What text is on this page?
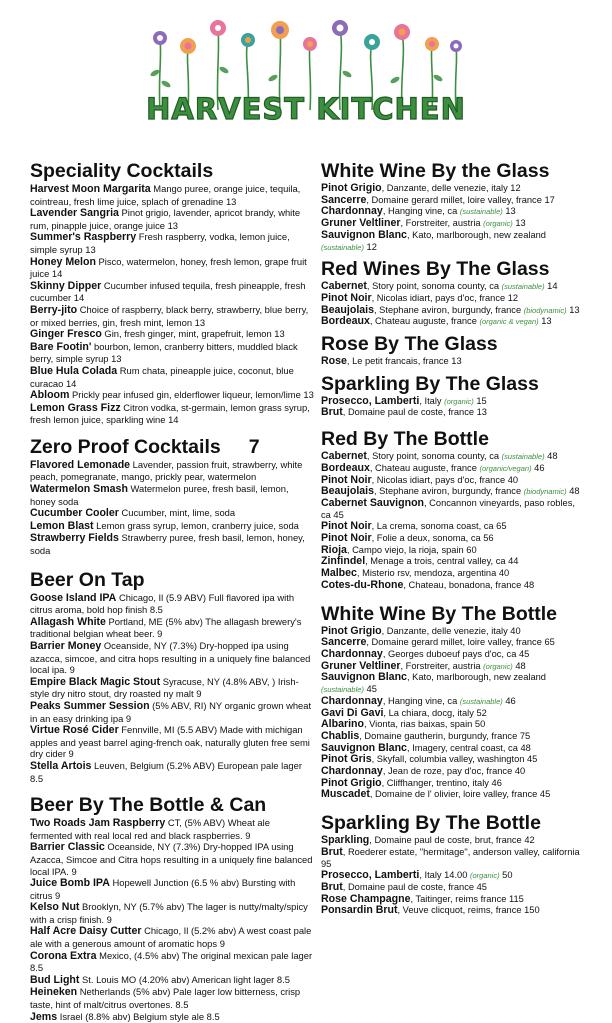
HARVEST KITCHEN
Speciality Cocktails
Harvest Moon Margarita Mango puree, orange juice, tequila, cointreau, fresh lime juice, splach of grenadine 13
Lavender Sangria Pinot grigio, lavender, apricot brandy, white rum, pinapple juice, orange juice 13
Summer's Raspberry Fresh raspberry, vodka, lemon juice, simple syrup 13
Honey Melon Pisco, watermelon, honey, fresh lemon, grape fruit juice 14
Skinny Dipper Cucumber infused tequila, fresh pineapple, fresh cucumber 14
Berry-jito Choice of raspberry, black berry, strawberry, blue berry, or mixed berries, gin, fresh mint, lemon 13
Ginger Fresco Gin, fresh ginger, mint, grapefruit, lemon 13
Bare Footin' bourbon, lemon, cranberry bitters, muddled black berry, simple syrup 13
Blue Hula Colada Rum chata, pineapple juice, coconut, blue curacao 14
Abloom Prickly pear infused gin, elderflower liqueur, lemon/lime 13
Lemon Grass Fizz Citron vodka, st-germain, lemon grass syrup, fresh lemon juice, sparkling wine 14
Zero Proof Cocktails 7
Flavored Lemonade Lavender, passion fruit, strawberry, white peach, pomegranate, mango, prickly pear, watermelon
Watermelon Smash Watermelon puree, fresh basil, lemon, honey soda
Cucumber Cooler Cucumber, mint, lime, soda
Lemon Blast Lemon grass syrup, lemon, cranberry juice, soda
Strawberry Fields Strawberry puree, fresh basil, lemon, honey, soda
Beer On Tap
Goose Island IPA Chicago, Il (5.9 ABV) Full flavored ipa with citrus aroma, bold hop finish 8.5
Allagash White Portland, ME (5% abv) The allagash brewery's traditional belgian wheat beer. 9
Barrier Money Oceanside, NY (7.3%) Dry-hopped ipa using azacca, simcoe, and citra hops resulting in a uniquely fine balanced local ipa. 9
Empire Black Magic Stout Syracuse, NY (4.8% ABV, ) Irish-style dry nitro stout, dry roasted ny malt 9
Peaks Summer Session (5% ABV, RI) NY organic grown wheat in an easy drinking ipa 9
Virtue Rosé Cider Fennville, MI (5.5 ABV) Made with michigan apples and yeast barrel aging-french oak, naturally gluten free semi dry cider 9
Stella Artois Leuven, Belgium (5.2% ABV) European pale lager 8.5
Beer By The Bottle & Can
Two Roads Jam Raspberry CT, (5% ABV) Wheat ale fermented with real local red and black raspberries. 9
Barrier Classic Oceanside, NY (7.3%) Dry-hopped IPA using Azacca, Simcoe and Citra hops resulting in a uniquely fine balanced local IPA. 9
Juice Bomb IPA Hopewell Junction (6.5 % abv) Bursting with citrus 9
Kelso Nut Brooklyn, NY (5.7% abv) The lager is nutty/malty/spicy with a crisp finish. 9
Half Acre Daisy Cutter Chicago, Il (5.2% abv) A west coast pale ale with a generous amount of aromatic hops 9
Corona Extra Mexico, (4.5% abv) The original mexican pale lager 8.5
Bud Light St. Louis MO (4.20% abv) American light lager 8.5
Heineken Netherlands (5% abv) Pale lager low bitterness, crisp taste, hint of malt/citrus overtones. 8.5
Jems Israel (8.8% abv) Belgium style ale 8.5
White Wine By the Glass
Pinot Grigio, Danzante, delle venezie, italy 12
Sancerre, Domaine gerard millet, loire valley, france 17
Chardonnay, Hanging vine, ca (sustainable) 13
Gruner Veltliner, Forstreiter, austria (organic) 13
Sauvignon Blanc, Kato, marlborough, new zealand (sustainable) 12
Red Wines By The Glass
Cabernet, Story point, sonoma county, ca (sustainable) 14
Pinot Noir, Nicolas idiart, pays d'oc, france 12
Beaujolais, Stephane aviron, burgundy, france (biodynamic) 13
Bordeaux, Chateau auguste, france (organic & vegan) 13
Rose By The Glass
Rose, Le petit francais, france 13
Sparkling By The Glass
Prosecco, Lamberti, Italy (organic) 15
Brut, Domaine paul de coste, france 13
Red By The Bottle
Cabernet, Story point, sonoma county, ca (sustainable) 48
Bordeaux, Chateau auguste, france (organic/vegan) 46
Pinot Noir, Nicolas idiart, pays d'oc, france 40
Beaujolais, Stephane aviron, burgundy, france (biodynamic) 48
Cabernet Sauvignon, Concannon vineyards, paso robles, ca 45
Pinot Noir, La crema, sonoma coast, ca 65
Pinot Noir, Folie a deux, sonoma, ca 56
Rioja, Campo viejo, la rioja, spain 60
Zinfindel, Menage a trois, central valley, ca 44
Malbec, Misterio rsv, mendoza, argentina 40
Cotes-du-Rhone, Chateau, bonadona, france 48
White Wine By The Bottle
Pinot Grigio, Danzante, delle venezie, italy 40
Sancerre, Domaine gerard millet, loire valley, france 65
Chardonnay, Georges duboeuf pays d'oc, ca 45
Gruner Veltliner, Forstreiter, austria (organic) 48
Sauvignon Blanc, Kato, marlborough, new zealand (sustainable) 45
Chardonnay, Hanging vine, ca (sustainable) 46
Gavi Di Gavi, La chiara, docg, italy 52
Albarino, Vionta, rias baixas, spain 50
Chablis, Domaine gautherin, burgundy, france 75
Sauvignon Blanc, Imagery, central coast, ca 48
Pinot Gris, Skyfall, columbia valley, washington 45
Chardonnay, Jean de roze, pay d'oc, france 40
Pinot Grigio, Cliffhanger, trentino, italy 46
Muscadet, Domaine de l' olivier, loire valley, france 45
Sparkling By The Bottle
Sparkling, Domaine paul de coste, brut, france 42
Brut, Roederer estate, "hermitage", anderson valley, california 95
Prosecco, Lamberti, Italy 14.00 (organic) 50
Brut, Domaine paul de coste, france 45
Rose Champagne, Taitinger, reims france 115
Ponsardin Brut, Veuve clicquot, reims, france 150
